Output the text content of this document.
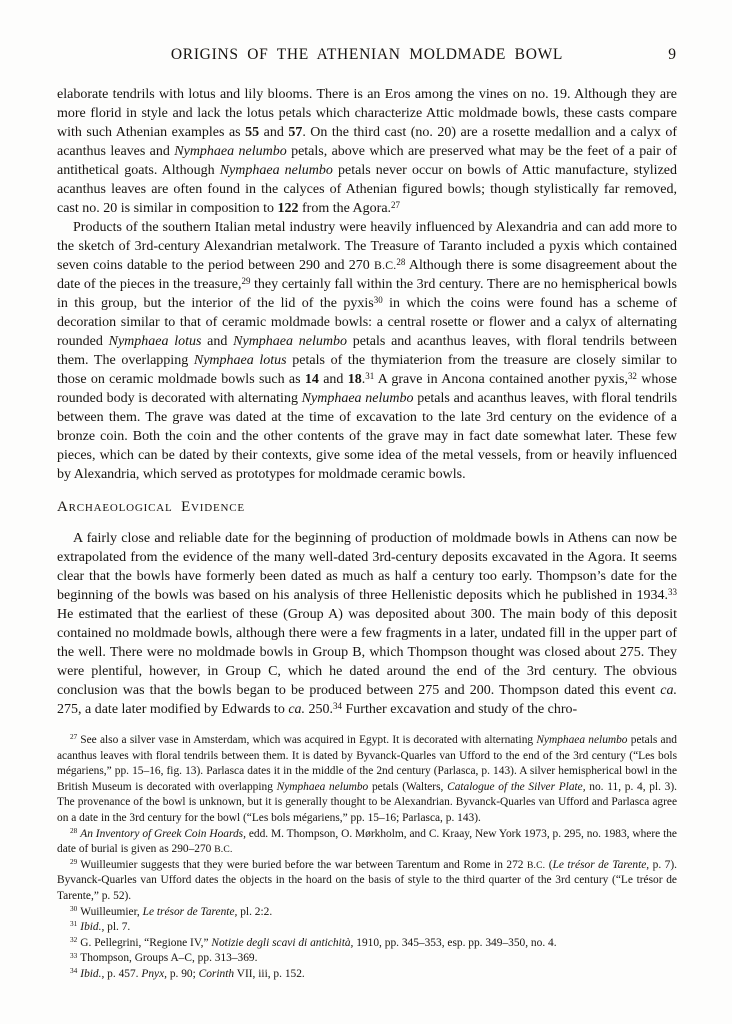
ORIGINS OF THE ATHENIAN MOLDMADE BOWL	9

elaborate tendrils with lotus and lily blooms. There is an Eros among the vines on no. 19. Although they are more florid in style and lack the lotus petals which characterize Attic moldmade bowls, these casts compare with such Athenian examples as 55 and 57. On the third cast (no. 20) are a rosette medallion and a calyx of acanthus leaves and Nymphaea nelumbo petals, above which are preserved what may be the feet of a pair of antithetical goats. Although Nymphaea nelumbo petals never occur on bowls of Attic manufacture, stylized acanthus leaves are often found in the calyces of Athenian figured bowls; though stylistically far removed, cast no. 20 is similar in composition to 122 from the Agora.$^{27}$

Products of the southern Italian metal industry were heavily influenced by Alexandria and can add more to the sketch of 3rd-century Alexandrian metalwork. The Treasure of Taranto included a pyxis which contained seven coins datable to the period between 290 and 270 B.C.$^{28}$ Although there is some disagreement about the date of the pieces in the treasure,$^{29}$ they certainly fall within the 3rd century. There are no hemispherical bowls in this group, but the interior of the lid of the pyxis$^{30}$ in which the coins were found has a scheme of decoration similar to that of ceramic moldmade bowls: a central rosette or flower and a calyx of alternating rounded Nymphaea lotus and Nymphaea nelumbo petals and acanthus leaves, with floral tendrils between them. The overlapping Nymphaea lotus petals of the thymiaterion from the treasure are closely similar to those on ceramic moldmade bowls such as 14 and 18.31 A grave in Ancona contained another pyxis,$^{32}$ whose rounded body is decorated with alternating Nymphaea nelumbo petals and acanthus leaves, with floral tendrils between them. The grave was dated at the time of excavation to the late 3rd century on the evidence of a bronze coin. Both the coin and the other contents of the grave may in fact date somewhat later. These few pieces, which can be dated by their contexts, give some idea of the metal vessels, from or heavily influenced by Alexandria, which served as prototypes for moldmade ceramic bowls.

Archaeological Evidence

A fairly close and reliable date for the beginning of production of moldmade bowls in Athens can now be extrapolated from the evidence of the many well-dated 3rd-century deposits excavated in the Agora. It seems clear that the bowls have formerly been dated as much as half a century too early. Thompson’s date for the beginning of the bowls was based on his analysis of three Hellenistic deposits which he published in 1934.33 He estimated that the earliest of these (Group A) was deposited about 300. The main body of this deposit contained no moldmade bowls, although there were a few fragments in a later, undated fill in the upper part of the well. There were no moldmade bowls in Group B, which Thompson thought was closed about 275. They were plentiful, however, in Group C, which he dated around the end of the 3rd century. The obvious conclusion was that the bowls began to be produced between 275 and 200. Thompson dated this event ca. 275, a date later modified by Edwards to ca. 250.34 Further excavation and study of the chro-

$^{27}$ See also a silver vase in Amsterdam, which was acquired in Egypt. It is decorated with alternating Nymphaea nelumbo petals and acanthus leaves with floral tendrils between them. It is dated by Byvanck-Quarles van Ufford to the end of the 3rd century (“Les bols mégariens,” pp. 15–16, fig. 13). Parlasca dates it in the middle of the 2nd century (Parlasca, p. 143). A silver hemispherical bowl in the British Museum is decorated with overlapping Nymphaea nelumbo petals (Walters, Catalogue of the Silver Plate, no. 11, p. 4, pl. 3). The provenance of the bowl is unknown, but it is generally thought to be Alexandrian. Byvanck-Quarles van Ufford and Parlasca agree on a date in the 3rd century for the bowl (“Les bols mégariens,” pp. 15–16; Parlasca, p. 143).

$^{28}$ An Inventory of Greek Coin Hoards, edd. M. Thompson, O. Mørkholm, and C. Kraay, New York 1973, p. 295, no. 1983, where the date of burial is given as 290–270 B.C.

$^{29}$ Wuilleumier suggests that they were buried before the war between Tarentum and Rome in 272 B.C. (Le trésor de Tarente, p. 7). Byvanck-Quarles van Ufford dates the objects in the hoard on the basis of style to the third quarter of the 3rd century (“Le trésor de Tarente,” p. 52).

$^{30}$ Wuilleumier, Le trésor de Tarente, pl. 2:2.

$^{31}$ Ibid., pl. 7.

$^{32}$ G. Pellegrini, “Regione IV,” Notizie degli scavi di antichità, 1910, pp. 345–353, esp. pp. 349–350, no. 4.

$^{33}$ Thompson, Groups A–C, pp. 313–369.

$^{34}$ Ibid., p. 457. Pnyx, p. 90; Corinth VII, iii, p. 152.
